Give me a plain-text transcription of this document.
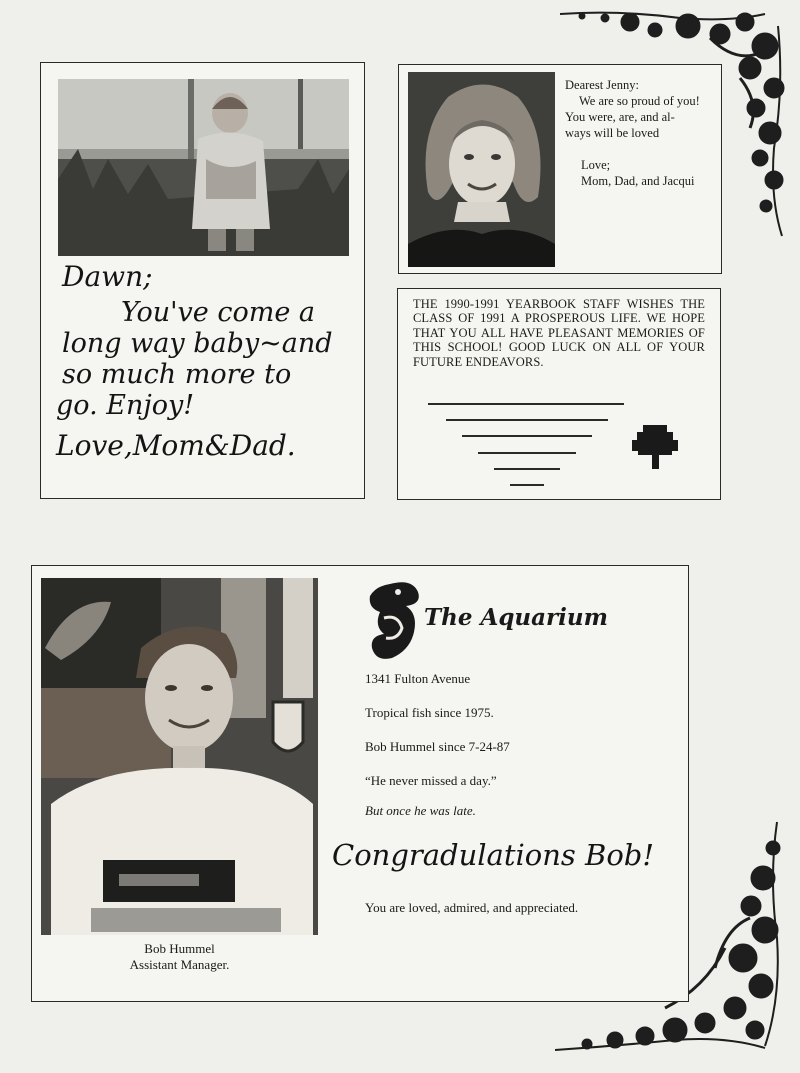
Dawn;
You've come a
long way baby~and
so much more to
go. Enjoy!
Love,Mom&Dad.
Dearest Jenny:
We are so proud of you!
You were, are, and al-
ways will be loved
Love;
Mom, Dad, and Jacqui
THE 1990-1991 YEARBOOK STAFF WISHES THE CLASS OF 1991 A PROSPEROUS LIFE. WE HOPE THAT YOU ALL HAVE PLEASANT MEMORIES OF THIS SCHOOL! GOOD LUCK ON ALL OF YOUR FUTURE ENDEAVORS.
Bob Hummel
Assistant Manager.
The Aquarium
1341 Fulton Avenue
Tropical fish since 1975.
Bob Hummel since 7-24-87
“He never missed a day.”
But once he was late.
Congradulations Bob!
You are loved, admired, and appreciated.
